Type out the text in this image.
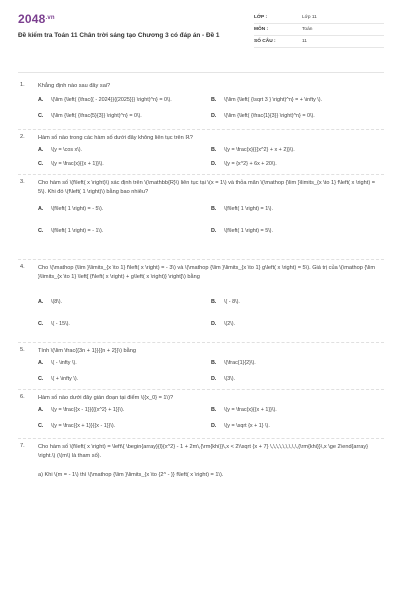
$2048^{.vn}$
Đề kiểm tra Toán 11 Chân trời sáng tạo Chương 3 có đáp án - Đề 1
LỚP :	Lớp 11
MÔN :	Toán
SỐ CÂU :	11
1. Khẳng định nào sau đây sai?
A. \(\lim {\left( {\frac{{ - 2024}}{{2025}}} \right)^n} = 0\).	B. \(\lim {\left( {\sqrt 3 } \right)^n} = + \infty \).
C. \(\lim {\left( {\frac{5}{3}} \right)^n} = 0\).	D. \(\lim {\left( {\frac{1}{3}} \right)^n} = 0\).
2. Hàm số nào trong các hàm số dưới đây không liên tục trên ℝ?
A. \(y = \cos x\).	B. \(y = \frac{x}{{{x^2} + x + 2}}\).
C. \(y = \frac{x}{{x + 1}}\).	D. \(y = {x^2} + 6x + 20\).
3. Cho hàm số \(f\left( x \right)\) xác định trên \(\mathbb{R}\) liên tục tại \(x = 1\) và thỏa mãn \(\mathop {\lim }\limits_{x \to 1} f\left( x \right) = 5\). Khi đó \(f\left( 1 \right)\) bằng bao nhiêu?
A. \(f\left( 1 \right) = - 5\).	B. \(f\left( 1 \right) = 1\).
C. \(f\left( 1 \right) = - 1\).	D. \(f\left( 1 \right) = 5\).
4. Cho \(\mathop {\lim }\limits_{x \to 1} f\left( x \right) = - 3\) và \(\mathop {\lim }\limits_{x \to 1} g\left( x \right) = 5\). Giá trị của \(\mathop {\lim }\limits_{x \to 1} \left[ {f\left( x \right) + g\left( x \right)} \right]\) bằng
A. \(8\).	B. \( - 8\).
C. \( - 15\).	D. \(2\).
5. Tính \(\lim \frac{{3n + 1}}{{n + 2}}\) bằng
A. \( - \infty \).	B. \(\frac{1}{2}\).
C. \( + \infty \).	D. \(3\).
6. Hàm số nào dưới đây gián đoạn tại điểm \({x_0} = 1\)?
A. \(y = \frac{{x - 1}}{{{x^2} + 1}}\).	B. \(y = \frac{x}{{x + 1}}\).
C. \(y = \frac{{x + 1}}{{x - 1}}\).	D. \(y = \sqrt {x + 1} \).
7. Cho hàm số \(f\left( x \right) = \left\{ \begin{array}{l}{x^2} - 1 + 2m\,{\rm{khi}}\,x < 2\\sqrt {x + 7} \,\,\,\,\,\,\,\,\,{\rm{khi}}\,x \ge 2\end{array} \right.\) (\(m\) là tham số).
a) Khi \(m = - 1\) thì \(\mathop {\lim }\limits_{x \to {2^ - }} f\left( x \right) = 1\).
